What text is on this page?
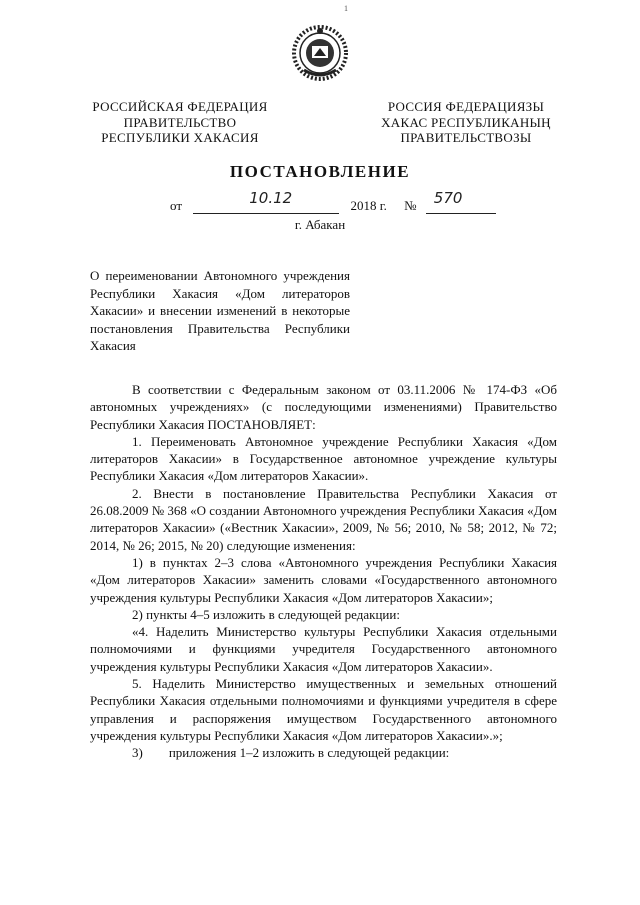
1
РОССИЙСКАЯ ФЕДЕРАЦИЯ
ПРАВИТЕЛЬСТВО
РЕСПУБЛИКИ ХАКАСИЯ
РОССИЯ ФЕДЕРАЦИЯЗЫ
ХАКАС РЕСПУБЛИКАНЫҢ
ПРАВИТЕЛЬСТВОЗЫ
ПОСТАНОВЛЕНИЕ
от	10.12	2018 г. № 570
г. Абакан
О переименовании Автономного учреждения Республики Хакасия «Дом литераторов Хакасии» и внесении изменений в некоторые постановления Правительства Республики Хакасия

В соответствии с Федеральным законом от 03.11.2006 № 174-ФЗ «Об автономных учреждениях» (с последующими изменениями) Правительство Республики Хакасия ПОСТАНОВЛЯЕТ:

1. Переименовать Автономное учреждение Республики Хакасия «Дом литераторов Хакасии» в Государственное автономное учреждение культуры Республики Хакасия «Дом литераторов Хакасии».

2. Внести в постановление Правительства Республики Хакасия от 26.08.2009 № 368 «О создании Автономного учреждения Республики Хакасия «Дом литераторов Хакасии» («Вестник Хакасии», 2009, № 56; 2010, № 58; 2012, № 72; 2014, № 26; 2015, № 20) следующие изменения:

1) в пунктах 2–3 слова «Автономного учреждения Республики Хакасия «Дом литераторов Хакасии» заменить словами «Государственного автономного учреждения культуры Республики Хакасия «Дом литераторов Хакасии»;

2) пункты 4–5 изложить в следующей редакции:

«4. Наделить Министерство культуры Республики Хакасия отдельными полномочиями и функциями учредителя Государственного автономного учреждения культуры Республики Хакасия «Дом литераторов Хакасии».

5. Наделить Министерство имущественных и земельных отношений Республики Хакасия отдельными полномочиями и функциями учредителя в сфере управления и распоряжения имуществом Государственного автономного учреждения культуры Республики Хакасия «Дом литераторов Хакасии».»;

3)        приложения 1–2 изложить в следующей редакции:
